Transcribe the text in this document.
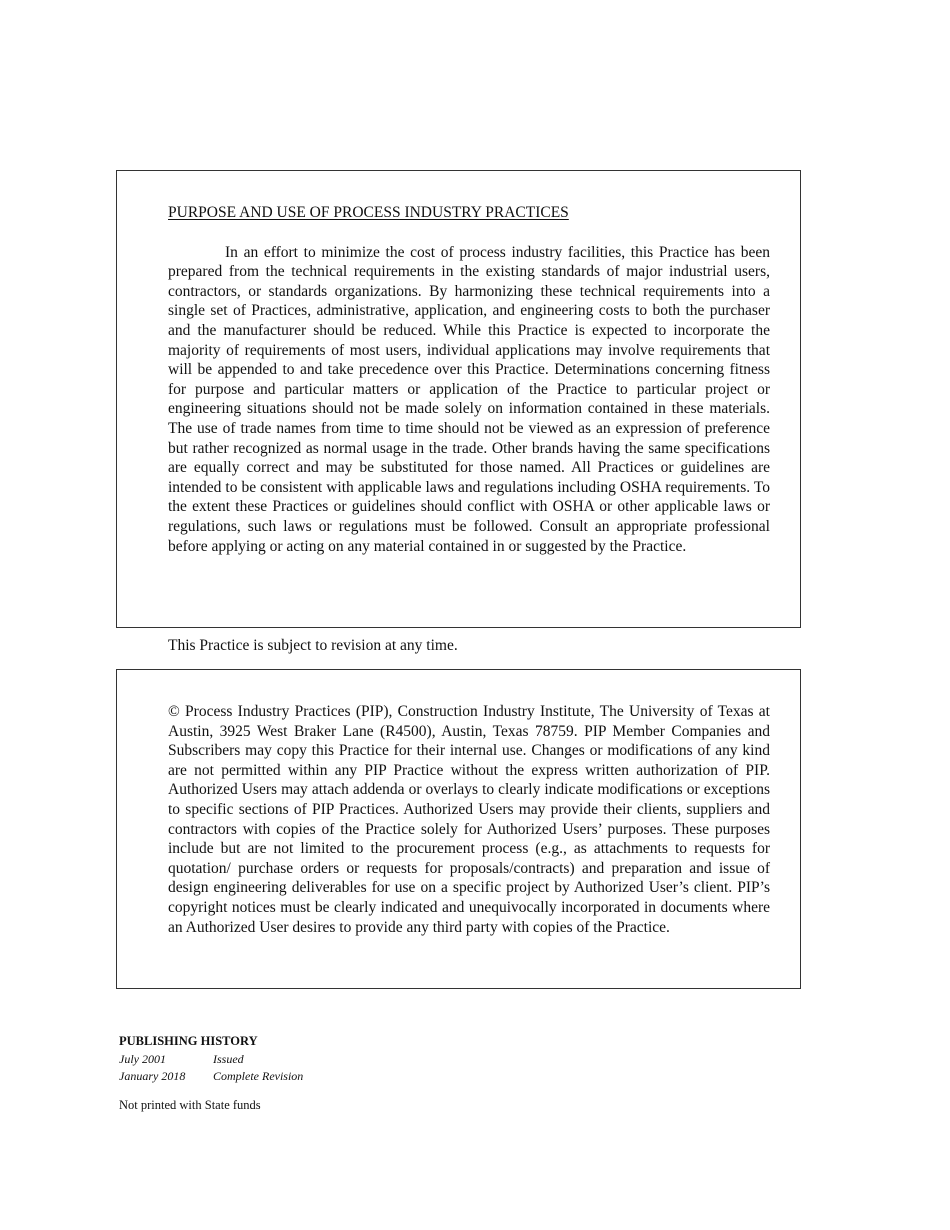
PURPOSE AND USE OF PROCESS INDUSTRY PRACTICES

In an effort to minimize the cost of process industry facilities, this Practice has been prepared from the technical requirements in the existing standards of major industrial users, contractors, or standards organizations. By harmonizing these technical requirements into a single set of Practices, administrative, application, and engineering costs to both the purchaser and the manufacturer should be reduced. While this Practice is expected to incorporate the majority of requirements of most users, individual applications may involve requirements that will be appended to and take precedence over this Practice. Determinations concerning fitness for purpose and particular matters or application of the Practice to particular project or engineering situations should not be made solely on information contained in these materials. The use of trade names from time to time should not be viewed as an expression of preference but rather recognized as normal usage in the trade. Other brands having the same specifications are equally correct and may be substituted for those named. All Practices or guidelines are intended to be consistent with applicable laws and regulations including OSHA requirements. To the extent these Practices or guidelines should conflict with OSHA or other applicable laws or regulations, such laws or regulations must be followed. Consult an appropriate professional before applying or acting on any material contained in or suggested by the Practice.

This Practice is subject to revision at any time.

© Process Industry Practices (PIP), Construction Industry Institute, The University of Texas at Austin, 3925 West Braker Lane (R4500), Austin, Texas 78759. PIP Member Companies and Subscribers may copy this Practice for their internal use. Changes or modifications of any kind are not permitted within any PIP Practice without the express written authorization of PIP. Authorized Users may attach addenda or overlays to clearly indicate modifications or exceptions to specific sections of PIP Practices. Authorized Users may provide their clients, suppliers and contractors with copies of the Practice solely for Authorized Users’ purposes. These purposes include but are not limited to the procurement process (e.g., as attachments to requests for quotation/ purchase orders or requests for proposals/contracts) and preparation and issue of design engineering deliverables for use on a specific project by Authorized User’s client. PIP’s copyright notices must be clearly indicated and unequivocally incorporated in documents where an Authorized User desires to provide any third party with copies of the Practice.

PUBLISHING HISTORY

July 2001	Issued
January 2018	Complete Revision

Not printed with State funds
